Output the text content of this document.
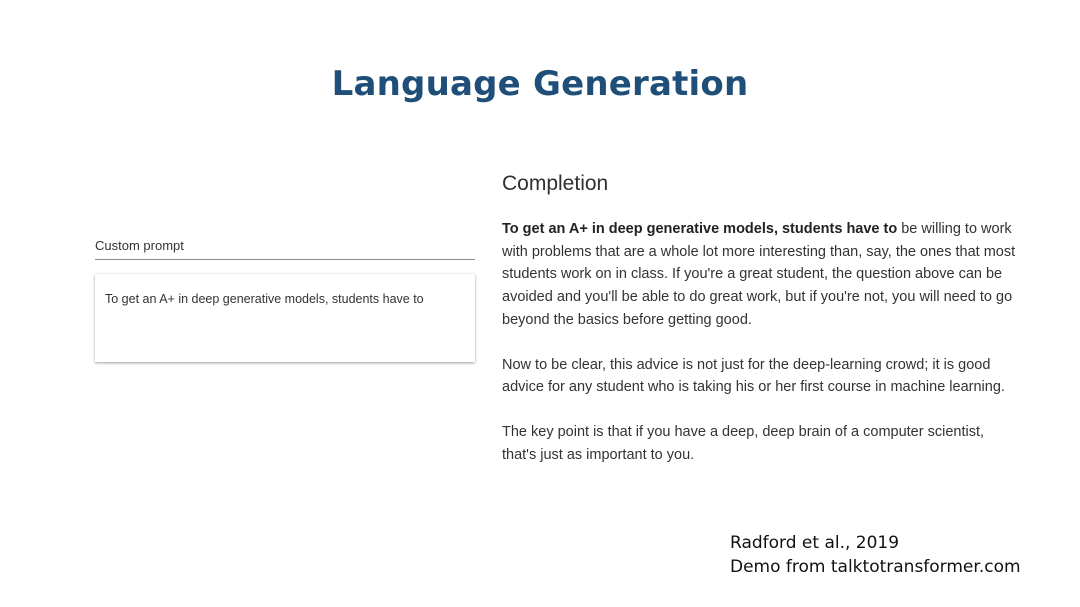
Language Generation
Custom prompt
To get an A+ in deep generative models, students have to
Completion

To get an A+ in deep generative models, students have to be willing to work with problems that are a whole lot more interesting than, say, the ones that most students work on in class. If you're a great student, the question above can be avoided and you'll be able to do great work, but if you're not, you will need to go beyond the basics before getting good.

Now to be clear, this advice is not just for the deep-learning crowd; it is good advice for any student who is taking his or her first course in machine learning.

The key point is that if you have a deep, deep brain of a computer scientist, that's just as important to you.

Radford et al., 2019
Demo from talktotransformer.com
